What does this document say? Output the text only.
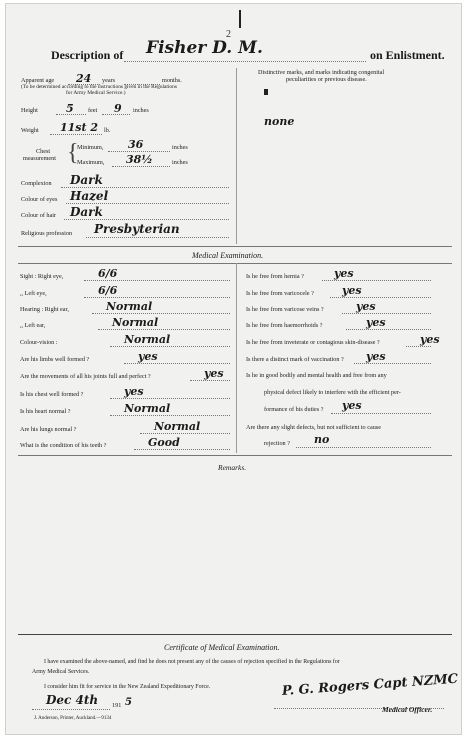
2
Description of Fisher D. M.	on Enlistment.
Apparent age 24 years	months.
(To be determined according to the instructions given in the Regulations
for Army Medical Service.)
Height	5 feet 9 inches
Weight 11st 2 lb.
Chest
measurement {
Minimum, 36	inches
Maximum, 38½	inches
Complexion Dark
Colour of eyes Hazel
Colour of hair Dark
Religious profession Presbyterian
Distinctive marks, and marks indicating congenital
peculiarities or previous disease.
none
Medical Examination.
Sight : Right eye,	6/6
,, Left eye,	6/6
Hearing : Right ear,	Normal
,, Left ear,	Normal
Colour-vision :	Normal
Are his limbs well formed ?	yes
Are the movements of all his joints full and perfect ?	yes
Is his chest well formed ?	yes
Is his heart normal ?	Normal
Are his lungs normal ?	Normal
What is the condition of his teeth ?	Good
Is he free from hernia ?	yes
Is he free from varicocele ?	yes
Is he free from varicose veins ?	yes
Is he free from haemorrhoids ?	yes
Is he free from inveterate or contagious skin-disease ?	yes
Is there a distinct mark of vaccination ? yes
Is he in good bodily and mental health and free from any
physical defect likely to interfere with the efficient per-
formance of his duties ? yes
Are there any slight defects, but not sufficient to cause
rejection ? no
Remarks.
Certificate of Medical Examination.
I have examined the above-named, and find he does not present any of the causes of rejection specified in the Regulations for
Army Medical Services.
I consider him fit for service in the New Zealand Expeditionary Force.
Dec 4th 191 5
J. Anderson, Printer, Auckland.—9134
P. G. Rogers Capt NZMC
Medical Officer.
